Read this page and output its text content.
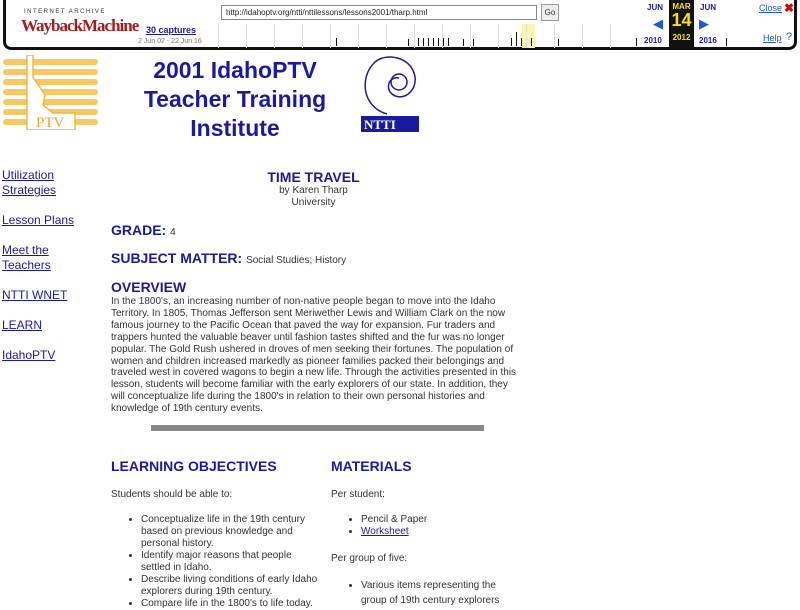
INTERNET ARCHIVE
WaybackMachine 30 captures
2 Jun 02 - 22 Jun 16
http://idahoptv.org/ntti/nttilessons/lessons2001/tharp.html
Go
JUN
◀
2010
MAR
14
2012
JUN
▶
2016
Close ✖
Help ?
PTV
2001 IdahoPTV
Teacher Training
Institute	NTTI
Utilization Strategies
Lesson Plans
Meet the Teachers
NTTI WNET
LEARN
IdahoPTV
TIME TRAVEL
by Karen Tharp
University
GRADE: 4
SUBJECT MATTER: Social Studies; History
OVERVIEW

In the 1800's, an increasing number of non-native people began to move into the Idaho Territory. In 1805, Thomas Jefferson sent Meriwether Lewis and William Clark on the now famous journey to the Pacific Ocean that paved the way for expansion. Fur traders and trappers hunted the valuable beaver until fashion tastes shifted and the fur was no longer popular. The Gold Rush ushered in droves of men seeking their fortunes. The population of women and children increased markedly as pioneer families packed their belongings and traveled west in covered wagons to begin a new life. Through the activities presented in this lesson, students will become familiar with the early explorers of our state. In addition, they will conceptualize life during the 1800's in relation to their own personal histories and knowledge of 19th century events.

LEARNING OBJECTIVES
Students should be able to:
• Conceptualize life in the 19th century based on previous knowledge and personal history.
• Identify major reasons that people settled in Idaho.
• Describe living conditions of early Idaho explorers during 19th century.
• Compare life in the 1800's to life today.
MATERIALS
Per student:
• Pencil & Paper
• Worksheet
Per group of five:
• Various items representing the group of 19th century explorers
